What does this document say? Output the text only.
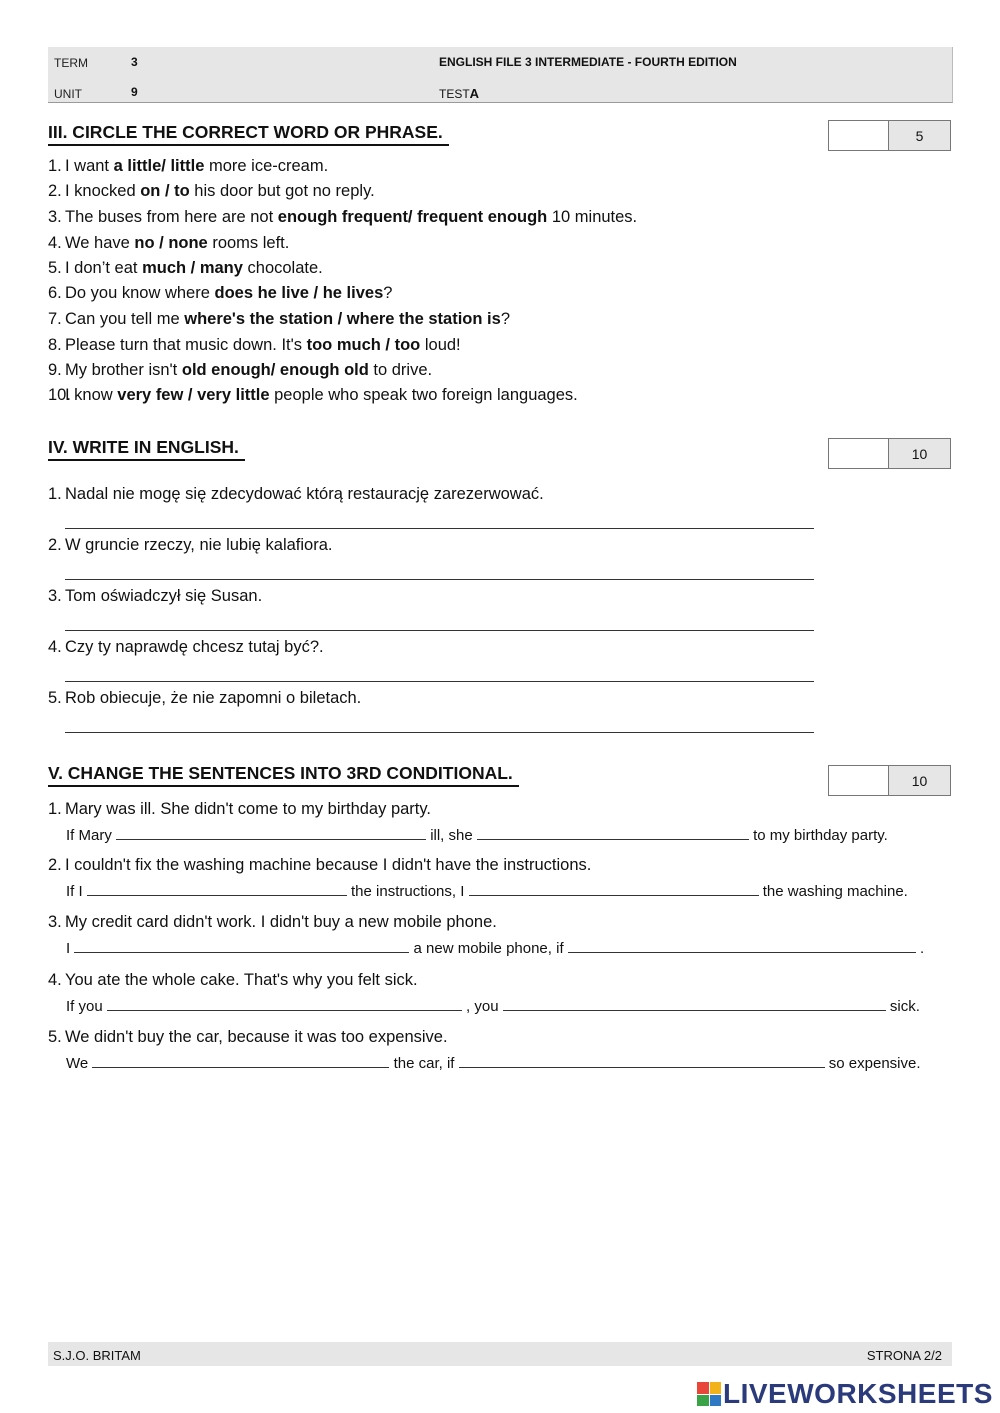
TERM	3
UNIT	9
ENGLISH FILE 3 INTERMEDIATE - FOURTH EDITION
TESTA
III. CIRCLE THE CORRECT WORD OR PHRASE.	5
1. I want a little/ little more ice-cream.
2. I knocked on / to his door but got no reply.
3. The buses from here are not enough frequent/ frequent enough 10 minutes.
4. We have no / none rooms left.
5. I don’t eat much / many chocolate.
6. Do you know where does he live / he lives?
7. Can you tell me where's the station / where the station is?
8. Please turn that music down. It's too much / too loud!
9. My brother isn't old enough/ enough old to drive.
10.I know very few / very little people who speak two foreign languages.
IV. WRITE IN ENGLISH.	10
1. Nadal nie mogę się zdecydować którą restaurację zarezerwować.
2. W gruncie rzeczy, nie lubię kalafiora.
3. Tom oświadczył się Susan.
4. Czy ty naprawdę chcesz tutaj być?.
5. Rob obiecuje, że nie zapomni o biletach.
V. CHANGE THE SENTENCES INTO 3RD CONDITIONAL.	10
1. Mary was ill. She didn't come to my birthday party.
If Mary	ill, she	to my birthday party.
2. I couldn't fix the washing machine because I didn't have the instructions.
If I	the instructions, I	the washing machine.
3. My credit card didn't work. I didn't buy a new mobile phone.
I	a new mobile phone, if	.
4. You ate the whole cake. That's why you felt sick.
If you	, you	sick.
5. We didn't buy the car, because it was too expensive.
We	the car, if	so expensive.
S.J.O. BRITAM	STRONA 2/2
LIVEWORKSHEETS
